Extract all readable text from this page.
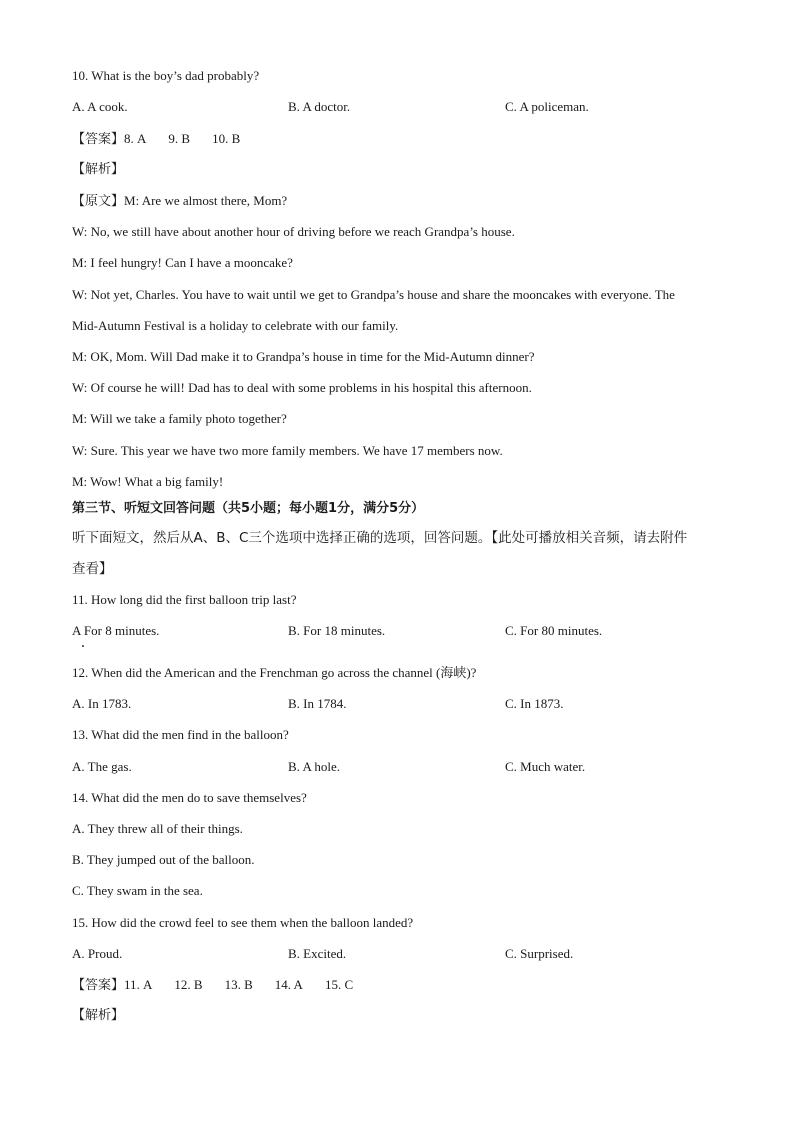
10. What is the boy’s dad probably?
A. A cook.	B. A doctor.	C. A policeman.
【答案】8. A 9. B 10. B
【解析】
【原文】M: Are we almost there, Mom?
W: No, we still have about another hour of driving before we reach Grandpa’s house.
M: I feel hungry! Can I have a mooncake?
W: Not yet, Charles. You have to wait until we get to Grandpa’s house and share the mooncakes with everyone. The
Mid-Autumn Festival is a holiday to celebrate with our family.
M: OK, Mom. Will Dad make it to Grandpa’s house in time for the Mid-Autumn dinner?
W: Of course he will! Dad has to deal with some problems in his hospital this afternoon.
M: Will we take a family photo together?
W: Sure. This year we have two more family members. We have 17 members now.
M: Wow! What a big family!
第三节、听短文回答问题（共5小题；每小题1分，满分5分）
听下面短文，然后从A、B、C三个选项中选择正确的选项，回答问题。【此处可播放相关音频，请去附件
查看】
11. How long did the first balloon trip last?
A For 8 minutes.	B. For 18 minutes.	C. For 80 minutes.
12. When did the American and the Frenchman go across the channel (海峡)?
A. In 1783.	B. In 1784.	C. In 1873.
13. What did the men find in the balloon?
A. The gas.	B. A hole.	C. Much water.
14. What did the men do to save themselves?
A. They threw all of their things.
B. They jumped out of the balloon.
C. They swam in the sea.
15. How did the crowd feel to see them when the balloon landed?
A. Proud.	B. Excited.	C. Surprised.
【答案】11. A 12. B 13. B 14. A 15. C
【解析】
